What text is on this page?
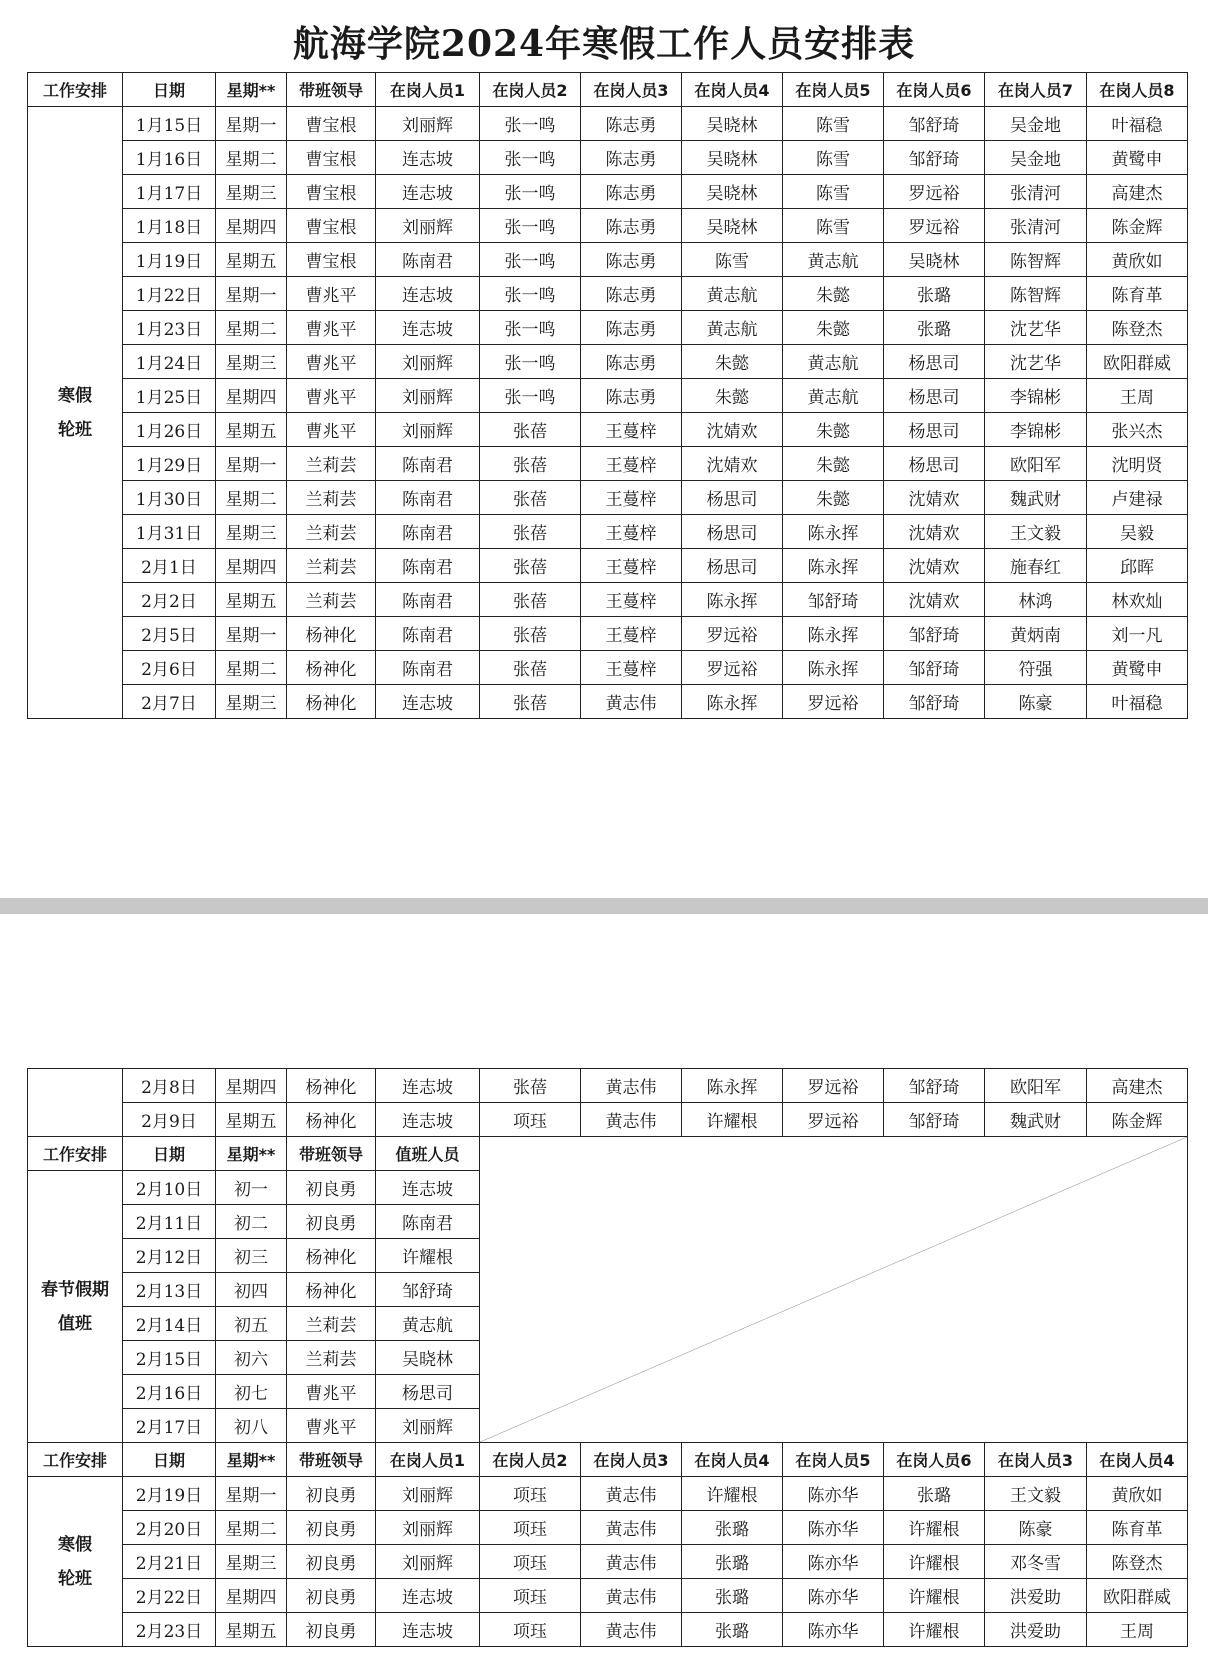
航海学院2024年寒假工作人员安排表
工作安排	日期	星期**	带班领导	在岗人员1	在岗人员2	在岗人员3	在岗人员4	在岗人员5	在岗人员6	在岗人员7	在岗人员8
寒假轮班	1月15日	星期一	曹宝根	刘丽辉	张一鸣	陈志勇	吴晓林	陈雪	邹舒琦	吴金地	叶福稳
	1月16日	星期二	曹宝根	连志坡	张一鸣	陈志勇	吴晓林	陈雪	邹舒琦	吴金地	黄鹭申
	1月17日	星期三	曹宝根	连志坡	张一鸣	陈志勇	吴晓林	陈雪	罗远裕	张清河	高建杰
	1月18日	星期四	曹宝根	刘丽辉	张一鸣	陈志勇	吴晓林	陈雪	罗远裕	张清河	陈金辉
	1月19日	星期五	曹宝根	陈南君	张一鸣	陈志勇	陈雪	黄志航	吴晓林	陈智辉	黄欣如
	1月22日	星期一	曹兆平	连志坡	张一鸣	陈志勇	黄志航	朱懿	张璐	陈智辉	陈育革
	1月23日	星期二	曹兆平	连志坡	张一鸣	陈志勇	黄志航	朱懿	张璐	沈艺华	陈登杰
	1月24日	星期三	曹兆平	刘丽辉	张一鸣	陈志勇	朱懿	黄志航	杨思司	沈艺华	欧阳群威
	1月25日	星期四	曹兆平	刘丽辉	张一鸣	陈志勇	朱懿	黄志航	杨思司	李锦彬	王周
	1月26日	星期五	曹兆平	刘丽辉	张蓓	王蔓梓	沈婧欢	朱懿	杨思司	李锦彬	张兴杰
	1月29日	星期一	兰莉芸	陈南君	张蓓	王蔓梓	沈婧欢	朱懿	杨思司	欧阳军	沈明贤
	1月30日	星期二	兰莉芸	陈南君	张蓓	王蔓梓	杨思司	朱懿	沈婧欢	魏武财	卢建禄
	1月31日	星期三	兰莉芸	陈南君	张蓓	王蔓梓	杨思司	陈永挥	沈婧欢	王文毅	吴毅
	2月1日	星期四	兰莉芸	陈南君	张蓓	王蔓梓	杨思司	陈永挥	沈婧欢	施春红	邱晖
	2月2日	星期五	兰莉芸	陈南君	张蓓	王蔓梓	陈永挥	邹舒琦	沈婧欢	林鸿	林欢灿
	2月5日	星期一	杨神化	陈南君	张蓓	王蔓梓	罗远裕	陈永挥	邹舒琦	黄炳南	刘一凡
	2月6日	星期二	杨神化	陈南君	张蓓	王蔓梓	罗远裕	陈永挥	邹舒琦	符强	黄鹭申
	2月7日	星期三	杨神化	连志坡	张蓓	黄志伟	陈永挥	罗远裕	邹舒琦	陈豪	叶福稳
	2月8日	星期四	杨神化	连志坡	张蓓	黄志伟	陈永挥	罗远裕	邹舒琦	欧阳军	高建杰
	2月9日	星期五	杨神化	连志坡	项珏	黄志伟	许耀根	罗远裕	邹舒琦	魏武财	陈金辉
工作安排	日期	星期**	带班领导	值班人员	

春节假期值班	2月10日	初一	初良勇	连志坡							
	2月11日	初二	初良勇	陈南君							
	2月12日	初三	杨神化	许耀根							
	2月13日	初四	杨神化	邹舒琦							
	2月14日	初五	兰莉芸	黄志航							
	2月15日	初六	兰莉芸	吴晓林							
	2月16日	初七	曹兆平	杨思司							
	2月17日	初八	曹兆平	刘丽辉							
工作安排	日期	星期**	带班领导	在岗人员1	在岗人员2	在岗人员3	在岗人员4	在岗人员5	在岗人员6	在岗人员3	在岗人员4
寒假轮班	2月19日	星期一	初良勇	刘丽辉	项珏	黄志伟	许耀根	陈亦华	张璐	王文毅	黄欣如
	2月20日	星期二	初良勇	刘丽辉	项珏	黄志伟	张璐	陈亦华	许耀根	陈豪	陈育革
	2月21日	星期三	初良勇	刘丽辉	项珏	黄志伟	张璐	陈亦华	许耀根	邓冬雪	陈登杰
	2月22日	星期四	初良勇	连志坡	项珏	黄志伟	张璐	陈亦华	许耀根	洪爱助	欧阳群威
	2月23日	星期五	初良勇	连志坡	项珏	黄志伟	张璐	陈亦华	许耀根	洪爱助	王周
